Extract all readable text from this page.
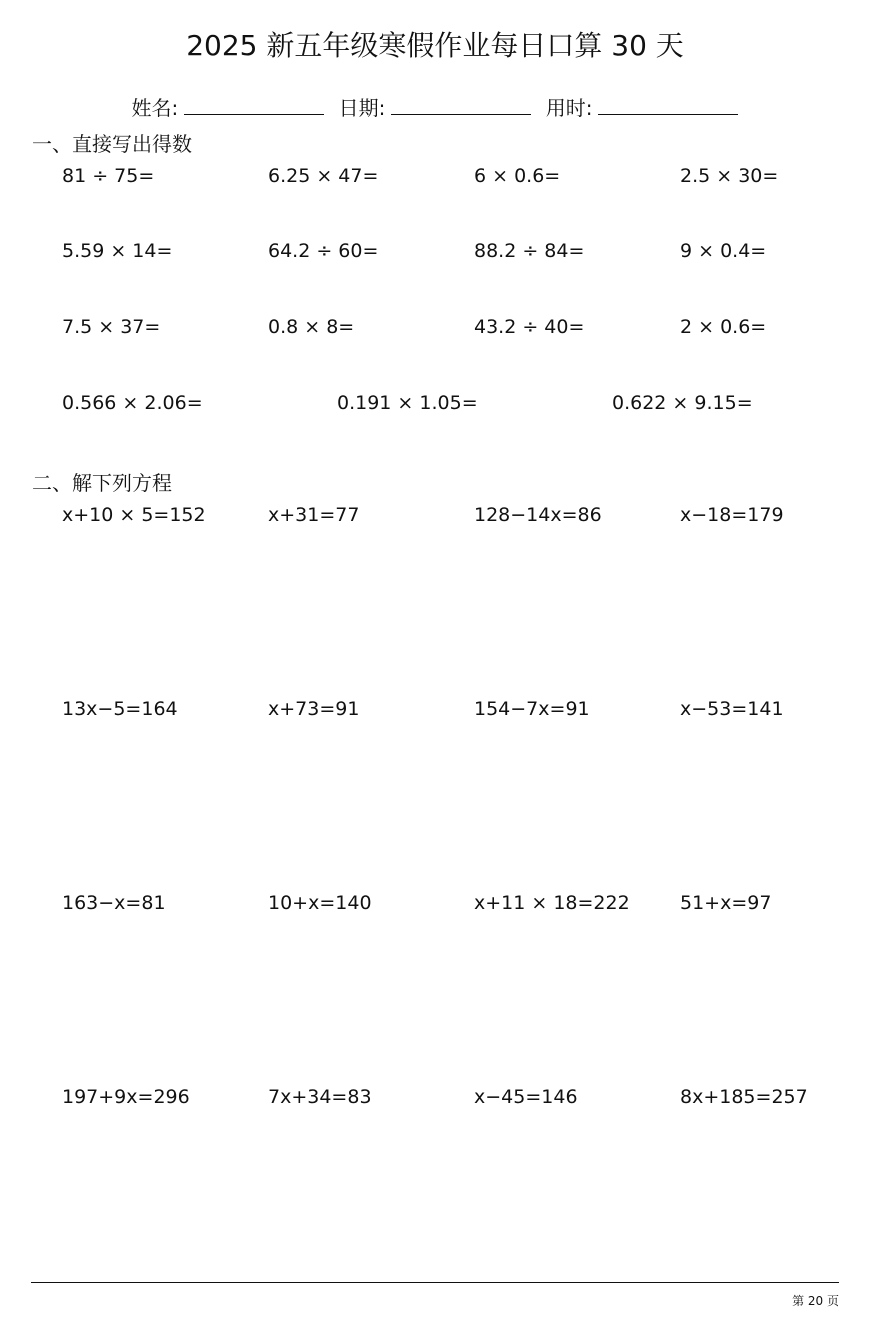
2025 新五年级寒假作业每日口算 30 天
姓名:	日期:	用时:
一、直接写出得数
81 ÷ 75=	6.25 × 47=	6 × 0.6=	2.5 × 30=
5.59 × 14=	64.2 ÷ 60=	88.2 ÷ 84=	9 × 0.4=
7.5 × 37=	0.8 × 8=	43.2 ÷ 40=	2 × 0.6=
0.566 × 2.06=	0.191 × 1.05=	0.622 × 9.15=
二、解下列方程
x+10 × 5=152	x+31=77	128−14x=86	x−18=179
13x−5=164	x+73=91	154−7x=91	x−53=141
163−x=81	10+x=140	x+11 × 18=222	51+x=97
197+9x=296	7x+34=83	x−45=146	8x+185=257
第 20 页
